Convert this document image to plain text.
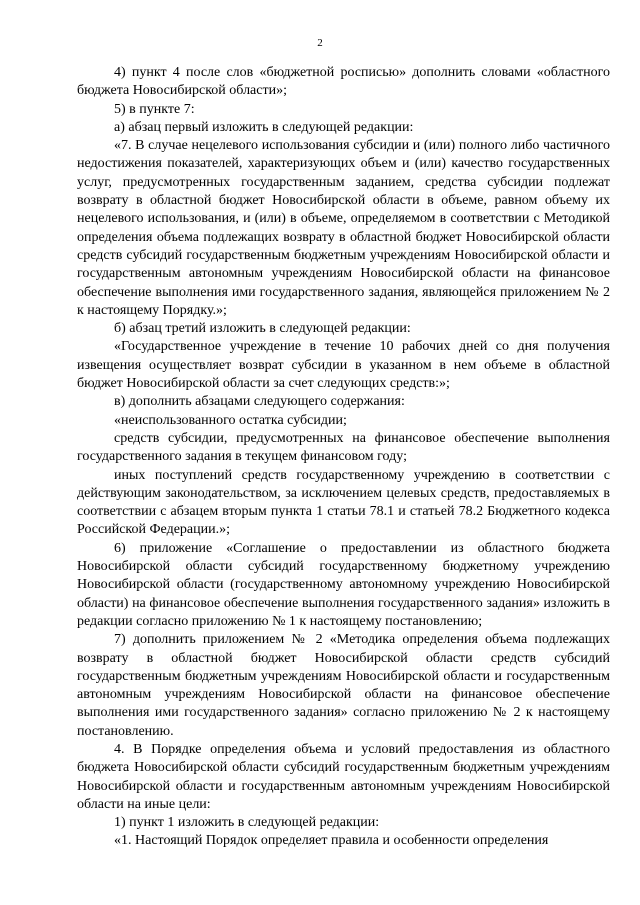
2

4) пункт 4 после слов «бюджетной росписью» дополнить словами «областного бюджета Новосибирской области»;

5) в пункте 7:

а) абзац первый изложить в следующей редакции:

«7. В случае нецелевого использования субсидии и (или) полного либо частичного недостижения показателей, характеризующих объем и (или) качество государственных услуг, предусмотренных государственным заданием, средства субсидии подлежат возврату в областной бюджет Новосибирской области в объеме, равном объему их нецелевого использования, и (или) в объеме, определяемом в соответствии с Методикой определения объема подлежащих возврату в областной бюджет Новосибирской области средств субсидий государственным бюджетным учреждениям Новосибирской области и государственным автономным учреждениям Новосибирской области на финансовое обеспечение выполнения ими государственного задания, являющейся приложением № 2 к настоящему Порядку.»;

б) абзац третий изложить в следующей редакции:

«Государственное учреждение в течение 10 рабочих дней со дня получения извещения осуществляет возврат субсидии в указанном в нем объеме в областной бюджет Новосибирской области за счет следующих средств:»;

в) дополнить абзацами следующего содержания:

«неиспользованного остатка субсидии;

средств субсидии, предусмотренных на финансовое обеспечение выполнения государственного задания в текущем финансовом году;

иных поступлений средств государственному учреждению в соответствии с действующим законодательством, за исключением целевых средств, предоставляемых в соответствии с абзацем вторым пункта 1 статьи 78.1 и статьей 78.2 Бюджетного кодекса Российской Федерации.»;

6) приложение «Соглашение о предоставлении из областного бюджета Новосибирской области субсидий государственному бюджетному учреждению Новосибирской области (государственному автономному учреждению Новосибирской области) на финансовое обеспечение выполнения государственного задания» изложить в редакции согласно приложению № 1 к настоящему постановлению;

7) дополнить приложением № 2 «Методика определения объема подлежащих возврату в областной бюджет Новосибирской области средств субсидий государственным бюджетным учреждениям Новосибирской области и государственным автономным учреждениям Новосибирской области на финансовое обеспечение выполнения ими государственного задания» согласно приложению № 2 к настоящему постановлению.

4. В Порядке определения объема и условий предоставления из областного бюджета Новосибирской области субсидий государственным бюджетным учреждениям Новосибирской области и государственным автономным учреждениям Новосибирской области на иные цели:

1) пункт 1 изложить в следующей редакции:

«1. Настоящий Порядок определяет правила и особенности определения
